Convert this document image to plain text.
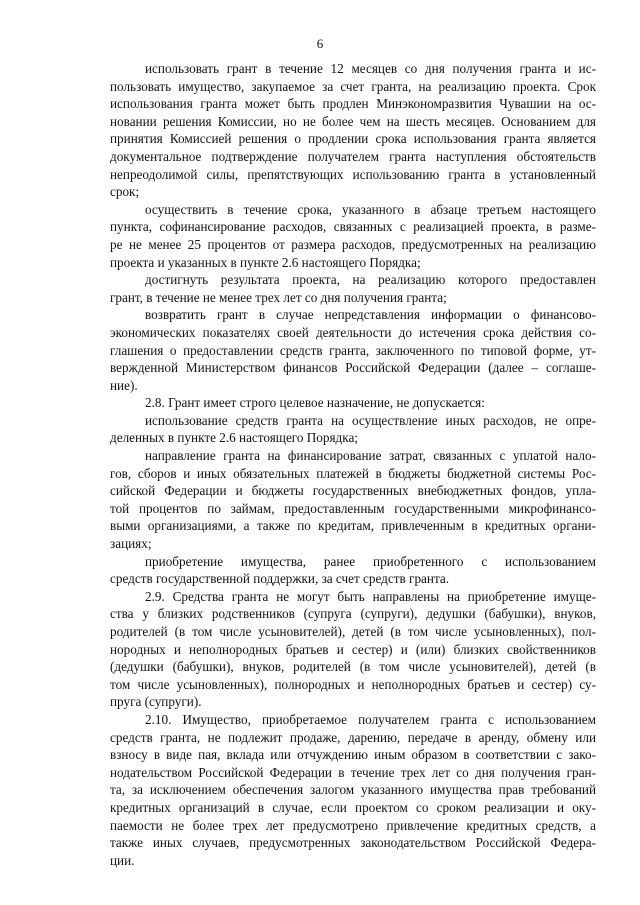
6
использовать грант в течение 12 месяцев со дня получения гранта и ис-
пользовать имущество, закупаемое за счет гранта, на реализацию проекта. Срок
использования гранта может быть продлен Минэкономразвития Чувашии на ос-
новании решения Комиссии, но не более чем на шесть месяцев. Основанием для
принятия Комиссией решения о продлении срока использования гранта является
документальное подтверждение получателем гранта наступления обстоятельств
непреодолимой силы, препятствующих использованию гранта в установленный
срок;
осуществить в течение срока, указанного в абзаце третьем настоящего
пункта, софинансирование расходов, связанных с реализацией проекта, в разме-
ре не менее 25 процентов от размера расходов, предусмотренных на реализацию
проекта и указанных в пункте 2.6 настоящего Порядка;
достигнуть результата проекта, на реализацию которого предоставлен
грант, в течение не менее трех лет со дня получения гранта;
возвратить грант в случае непредставления информации о финансово-
экономических показателях своей деятельности до истечения срока действия со-
глашения о предоставлении средств гранта, заключенного по типовой форме, ут-
вержденной Министерством финансов Российской Федерации (далее – соглаше-
ние).
2.8. Грант имеет строго целевое назначение, не допускается:
использование средств гранта на осуществление иных расходов, не опре-
деленных в пункте 2.6 настоящего Порядка;
направление гранта на финансирование затрат, связанных с уплатой нало-
гов, сборов и иных обязательных платежей в бюджеты бюджетной системы Рос-
сийской Федерации и бюджеты государственных внебюджетных фондов, упла-
той процентов по займам, предоставленным государственными микрофинансо-
выми организациями, а также по кредитам, привлеченным в кредитных органи-
зациях;
приобретение имущества, ранее приобретенного с использованием
средств государственной поддержки, за счет средств гранта.
2.9. Средства гранта не могут быть направлены на приобретение имуще-
ства у близких родственников (супруга (супруги), дедушки (бабушки), внуков,
родителей (в том числе усыновителей), детей (в том числе усыновленных), пол-
нородных и неполнородных братьев и сестер) и (или) близких свойственников
(дедушки (бабушки), внуков, родителей (в том числе усыновителей), детей (в
том числе усыновленных), полнородных и неполнородных братьев и сестер) су-
пруга (супруги).
2.10. Имущество, приобретаемое получателем гранта с использованием
средств гранта, не подлежит продаже, дарению, передаче в аренду, обмену или
взносу в виде пая, вклада или отчуждению иным образом в соответствии с зако-
нодательством Российской Федерации в течение трех лет со дня получения гран-
та, за исключением обеспечения залогом указанного имущества прав требований
кредитных организаций в случае, если проектом со сроком реализации и оку-
паемости не более трех лет предусмотрено привлечение кредитных средств, а
также иных случаев, предусмотренных законодательством Российской Федера-
ции.
